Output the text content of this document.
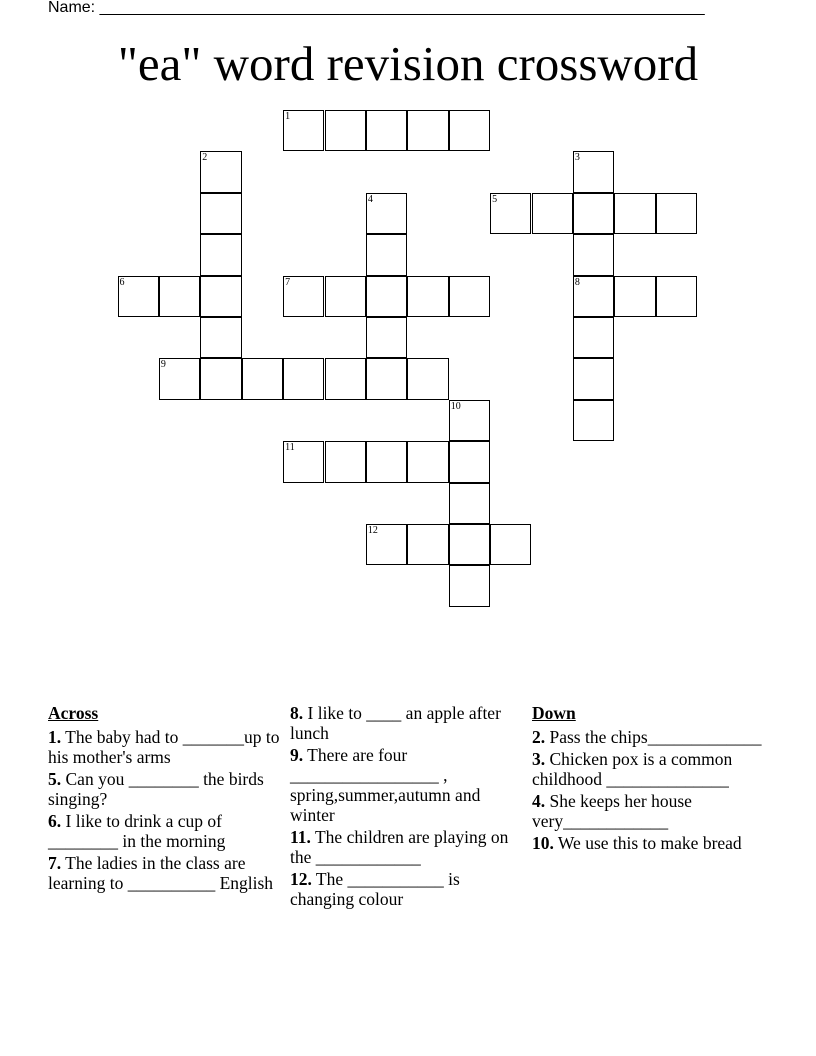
Name: ____________________________________________________________________
"ea" word revision crossword
1
2	3
4	5
6	7	8
9
10
11
12
Across
1. The baby had to _______up to his mother's arms
5. Can you ________ the birds singing?
6. I like to drink a cup of ________ in the morning
7. The ladies in the class are learning to __________ English
8. I like to ____ an apple after lunch
9. There are four _________________ , spring,summer,autumn and winter
11. The children are playing on the ____________
12. The ___________ is changing colour
Down
2. Pass the chips_____________
3. Chicken pox is a common childhood ______________
4. She keeps her house very____________
10. We use this to make bread
